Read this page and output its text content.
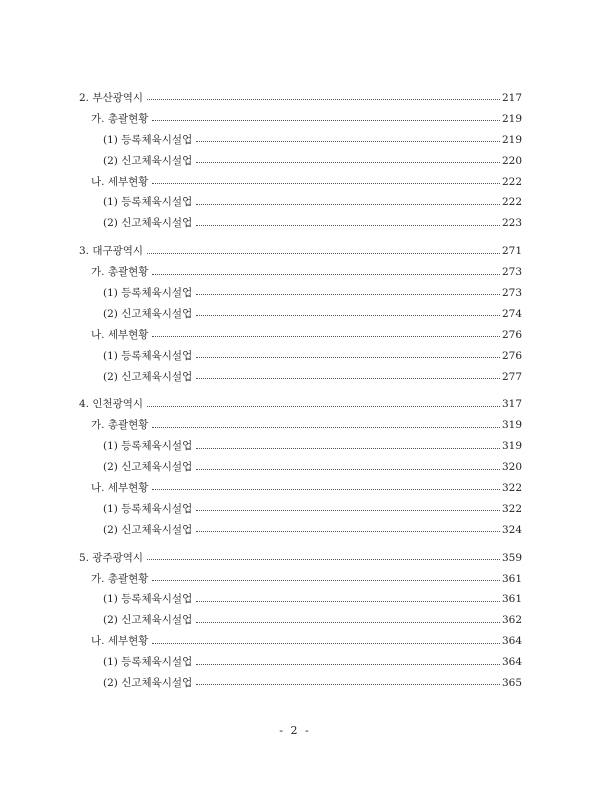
2. 부산광역시	217
가. 총괄현황	219
(1) 등록체육시설업	219
(2) 신고체육시설업	220
나. 세부현황	222
(1) 등록체육시설업	222
(2) 신고체육시설업	223
3. 대구광역시	271
가. 총괄현황	273
(1) 등록체육시설업	273
(2) 신고체육시설업	274
나. 세부현황	276
(1) 등록체육시설업	276
(2) 신고체육시설업	277
4. 인천광역시	317
가. 총괄현황	319
(1) 등록체육시설업	319
(2) 신고체육시설업	320
나. 세부현황	322
(1) 등록체육시설업	322
(2) 신고체육시설업	324
5. 광주광역시	359
가. 총괄현황	361
(1) 등록체육시설업	361
(2) 신고체육시설업	362
나. 세부현황	364
(1) 등록체육시설업	364
(2) 신고체육시설업	365
- 2 -
